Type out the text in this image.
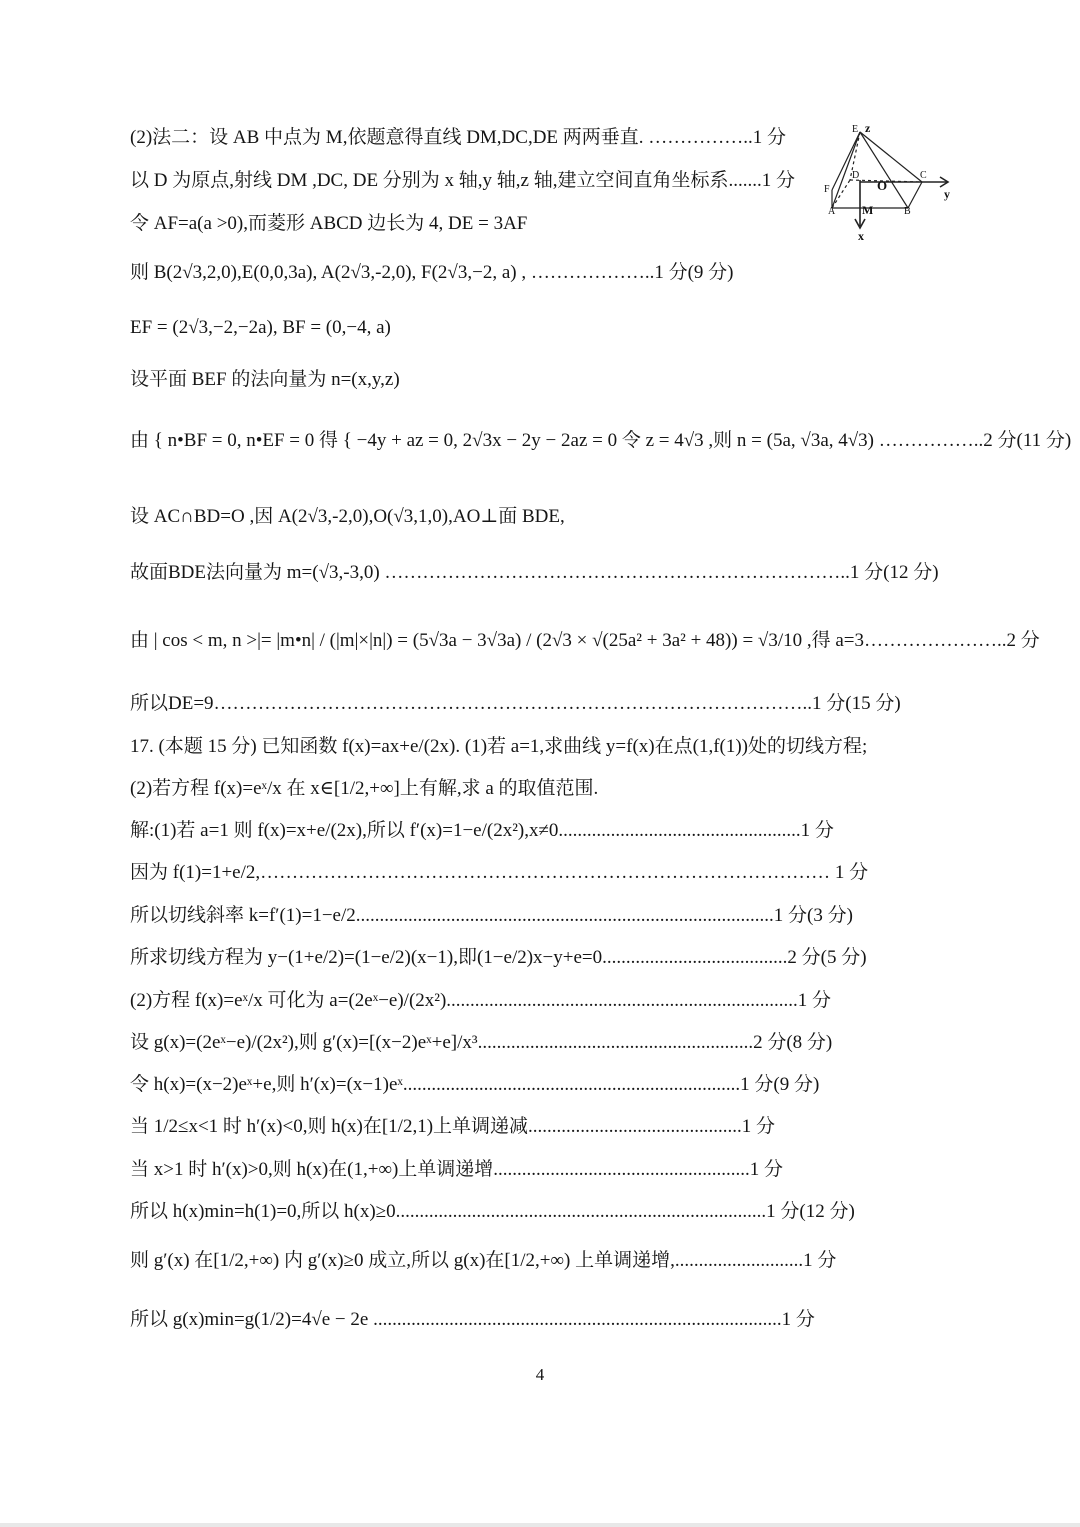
(2)法二：设 AB 中点为 M,依题意得直线 DM,DC,DE 两两垂直. ……………..1 分
以 D 为原点,射线 DM ,DC, DE 分别为 x 轴,y 轴,z 轴,建立空间直角坐标系.......1 分
令 AF=a(a >0),而菱形 ABCD 边长为 4, DE = 3AF
则 B(2√3,2,0),E(0,0,3a), A(2√3,-2,0), F(2√3,−2, a) , ………………..1 分(9 分)
EF = (2√3,−2,−2a), BF = (0,−4, a)
设平面 BEF 的法向量为 n=(x,y,z)
由 { n•BF = 0, n•EF = 0 得 { −4y + az = 0, 2√3x − 2y − 2az = 0 令 z = 4√3 ,则 n = (5a, √3a, 4√3) ……………..2 分(11 分)
设 AC∩BD=O ,因 A(2√3,-2,0),O(√3,1,0),AO⊥面 BDE,
故面BDE法向量为 m=(√3,-3,0) ………………………………………………………………..1 分(12 分)
由 | cos < m, n >|= |m•n| / (|m|×|n|) = (5√3a − 3√3a) / (2√3 × √(25a² + 3a² + 48)) = √3/10 ,得 a=3…………………..2 分
所以DE=9…………………………………………………………………………………..1 分(15 分)
17. (本题 15 分) 已知函数 f(x)=ax+e/(2x). (1)若 a=1,求曲线 y=f(x)在点(1,f(1))处的切线方程;
(2)若方程 f(x)=eˣ/x 在 x∈[1/2,+∞]上有解,求 a 的取值范围.
解:(1)若 a=1 则 f(x)=x+e/(2x),所以 f′(x)=1−e/(2x²),x≠0...................................................1 分
因为 f(1)=1+e/2,……………………………………………………………………………… 1 分
所以切线斜率 k=f′(1)=1−e/2........................................................................................1 分(3 分)
所求切线方程为 y−(1+e/2)=(1−e/2)(x−1),即(1−e/2)x−y+e=0.......................................2 分(5 分)
(2)方程 f(x)=eˣ/x 可化为 a=(2eˣ−e)/(2x²)..........................................................................1 分
设 g(x)=(2eˣ−e)/(2x²),则 g′(x)=[(x−2)eˣ+e]/x³..........................................................2 分(8 分)
令 h(x)=(x−2)eˣ+e,则 h′(x)=(x−1)eˣ.......................................................................1 分(9 分)
当 1/2≤x<1 时 h′(x)<0,则 h(x)在[1/2,1)上单调递减.............................................1 分
当 x>1 时 h′(x)>0,则 h(x)在(1,+∞)上单调递增......................................................1 分
所以 h(x)min=h(1)=0,所以 h(x)≥0..............................................................................1 分(12 分)
则 g′(x) 在[1/2,+∞) 内 g′(x)≥0 成立,所以 g(x)在[1/2,+∞) 上单调递增,...........................1 分
所以 g(x)min=g(1/2)=4√e − 2e ......................................................................................1 分
E z
F
D
O
C
y
A M	B
x
4
